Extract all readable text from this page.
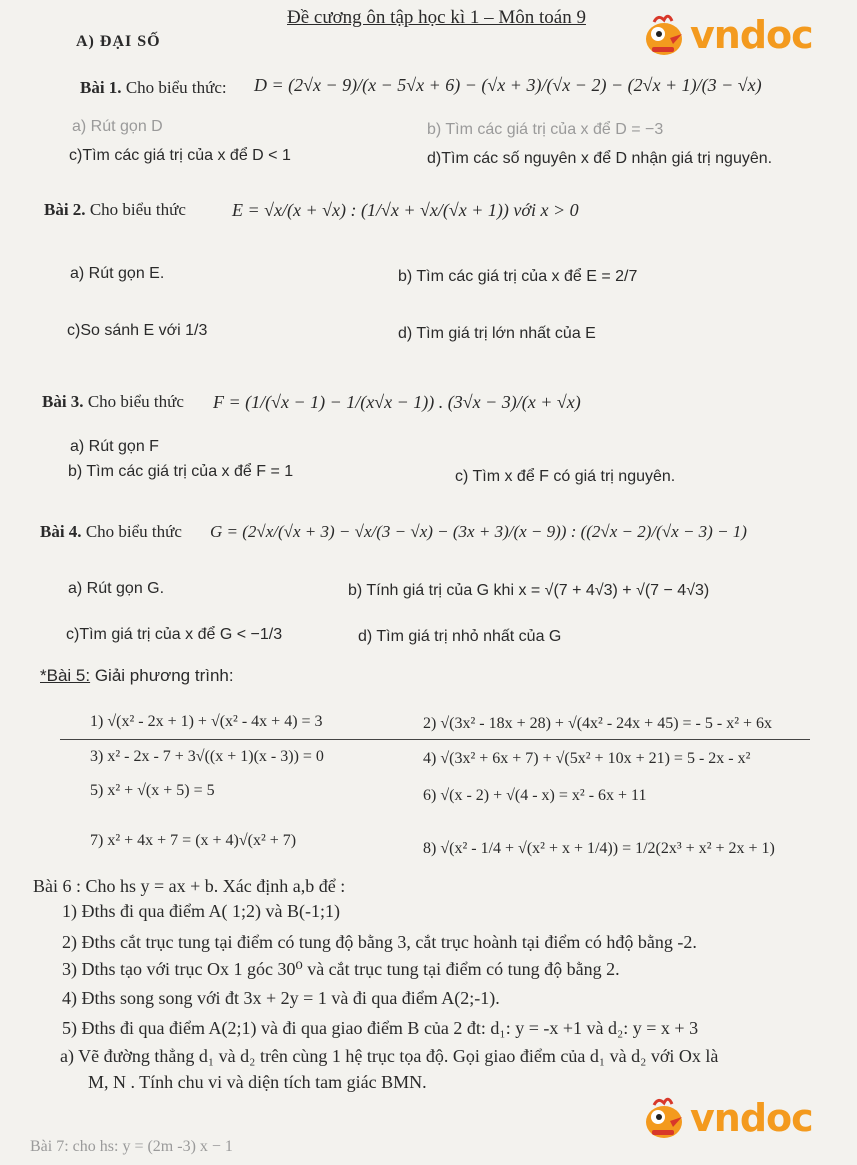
Đề cương ôn tập học kì 1 – Môn toán 9
A) ĐẠI SỐ	vndoc
Bài 1. Cho biểu thức: D = (2√x − 9)/(x − 5√x + 6) − (√x + 3)/(√x − 2) − (2√x + 1)/(3 − √x)
a) Rút gọn D	b) Tìm các giá trị của x để D = −3
c)Tìm các giá trị của x để D < 1	d)Tìm các số nguyên x để D nhận giá trị nguyên.
Bài 2. Cho biểu thức	E = √x/(x + √x) : (1/√x + √x/(√x + 1)) với x > 0
a) Rút gọn E.	b) Tìm các giá trị của x để E = 2/7
c)So sánh E với 1/3	d) Tìm giá trị lớn nhất của E
Bài 3. Cho biểu thức F = (1/(√x − 1) − 1/(x√x − 1)) . (3√x − 3)/(x + √x)
a) Rút gọn F
b) Tìm các giá trị của x để F = 1	c) Tìm x để F có giá trị nguyên.
Bài 4. Cho biểu thức G = (2√x/(√x + 3) − √x/(3 − √x) − (3x + 3)/(x − 9)) : ((2√x − 2)/(√x − 3) − 1)
a) Rút gọn G.	b) Tính giá trị của G khi x = √(7 + 4√3) + √(7 − 4√3)
c)Tìm giá trị của x để G < −1/3	d) Tìm giá trị nhỏ nhất của G
*Bài 5: Giải phương trình:
1) √(x² - 2x + 1) + √(x² - 4x + 4) = 3	2) √(3x² - 18x + 28) + √(4x² - 24x + 45) = - 5 - x² + 6x
3) x² - 2x - 7 + 3√((x + 1)(x - 3)) = 0	4) √(3x² + 6x + 7) + √(5x² + 10x + 21) = 5 - 2x - x²
5) x² + √(x + 5) = 5	6) √(x - 2) + √(4 - x) = x² - 6x + 11
7) x² + 4x + 7 = (x + 4)√(x² + 7)	8) √(x² - 1/4 + √(x² + x + 1/4)) = 1/2(2x³ + x² + 2x + 1)
Bài 6 : Cho hs y = ax + b. Xác định a,b để :
1) Đths đi qua điểm A( 1;2) và B(-1;1)
2) Đths cắt trục tung tại điểm có tung độ bằng 3, cắt trục hoành tại điểm có hđộ bằng -2.
3) Dths tạo với trục Ox 1 góc 30⁰ và cắt trục tung tại điểm có tung độ bằng 2.
4) Đths song song với đt 3x + 2y = 1 và đi qua điểm A(2;-1).
5) Đths đi qua điểm A(2;1) và đi qua giao điểm B của 2 đt: d₁: y = -x +1 và d₂: y = x + 3
a) Vẽ đường thẳng d₁ và d₂ trên cùng 1 hệ trục tọa độ. Gọi giao điểm của d₁ và d₂ với Ox là
M, N . Tính chu vi và diện tích tam giác BMN.
Bài 7: cho hs: y = (2m -3) x − 1
vndoc
